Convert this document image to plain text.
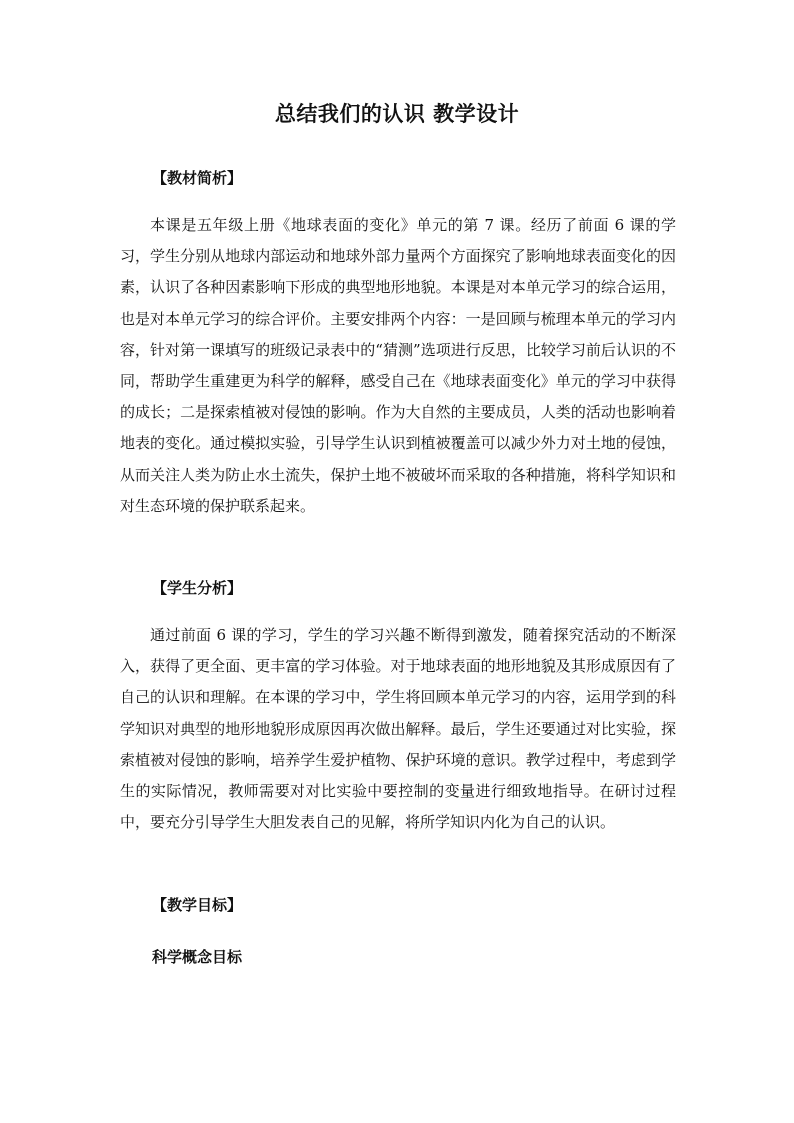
总结我们的认识 教学设计
【教材简析】
本课是五年级上册《地球表面的变化》单元的第 7 课。经历了前面 6 课的学习，学生分别从地球内部运动和地球外部力量两个方面探究了影响地球表面变化的因素，认识了各种因素影响下形成的典型地形地貌。本课是对本单元学习的综合运用，也是对本单元学习的综合评价。主要安排两个内容：一是回顾与梳理本单元的学习内容，针对第一课填写的班级记录表中的“猜测”选项进行反思，比较学习前后认识的不同，帮助学生重建更为科学的解释，感受自己在《地球表面变化》单元的学习中获得的成长；二是探索植被对侵蚀的影响。作为大自然的主要成员，人类的活动也影响着地表的变化。通过模拟实验，引导学生认识到植被覆盖可以减少外力对土地的侵蚀，从而关注人类为防止水土流失，保护土地不被破坏而采取的各种措施，将科学知识和对生态环境的保护联系起来。
【学生分析】
通过前面 6 课的学习，学生的学习兴趣不断得到激发，随着探究活动的不断深入，获得了更全面、更丰富的学习体验。对于地球表面的地形地貌及其形成原因有了自己的认识和理解。在本课的学习中，学生将回顾本单元学习的内容，运用学到的科学知识对典型的地形地貌形成原因再次做出解释。最后，学生还要通过对比实验，探索植被对侵蚀的影响，培养学生爱护植物、保护环境的意识。教学过程中，考虑到学生的实际情况，教师需要对对比实验中要控制的变量进行细致地指导。在研讨过程中，要充分引导学生大胆发表自己的见解，将所学知识内化为自己的认识。
【教学目标】
科学概念目标
